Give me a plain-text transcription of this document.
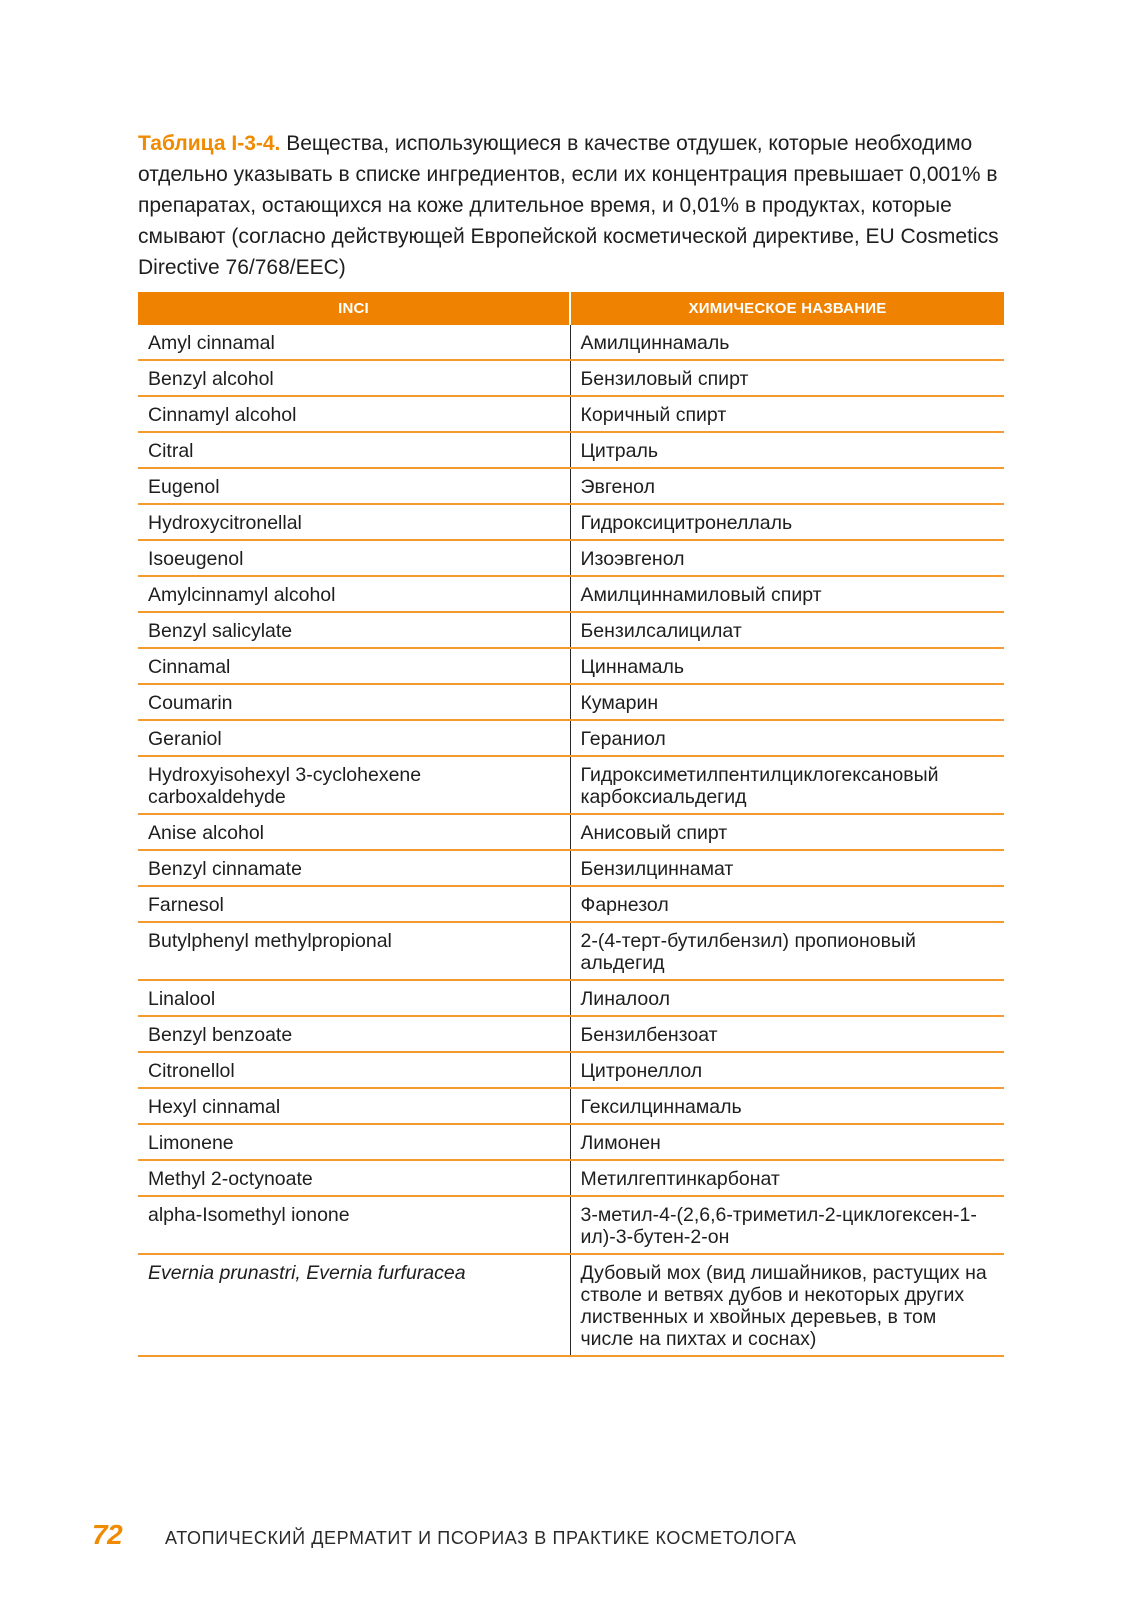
Таблица I-3-4. Вещества, использующиеся в качестве отдушек, которые необходимо отдельно указывать в списке ингредиентов, если их концентрация превышает 0,001% в препаратах, остающихся на коже длительное время, и 0,01% в продуктах, которые смывают (согласно действующей Европейской косметической директиве, EU Cosmetics Directive 76/768/EEC)
INCI	ХИМИЧЕСКОЕ НАЗВАНИЕ
Amyl cinnamal	Амилциннамаль
Benzyl alcohol	Бензиловый спирт
Cinnamyl alcohol	Коричный спирт
Citral	Цитраль
Eugenol	Эвгенол
Hydroxycitronellal	Гидроксицитронеллаль
Isoeugenol	Изоэвгенол
Amylcinnamyl alcohol	Амилциннамиловый спирт
Benzyl salicylate	Бензилсалицилат
Cinnamal	Циннамаль
Coumarin	Кумарин
Geraniol	Гераниол
Hydroxyisohexyl 3-cyclohexene carboxaldehyde	Гидроксиметилпентилциклогексановый карбоксиальдегид
Anise alcohol	Анисовый спирт
Benzyl cinnamate	Бензилциннамат
Farnesol	Фарнезол
Butylphenyl methylpropional	2-(4-терт-бутилбензил) пропионовый альдегид
Linalool	Линалоол
Benzyl benzoate	Бензилбензоат
Citronellol	Цитронеллол
Hexyl cinnamal	Гексилциннамаль
Limonene	Лимонен
Methyl 2-octynoate	Метилгептинкарбонат
alpha-Isomethyl ionone	3-метил-4-(2,6,6-триметил-2-циклогексен-1-ил)-3-бутен-2-он
Evernia prunastri, Evernia furfuracea	Дубовый мох (вид лишайников, растущих на стволе и ветвях дубов и некоторых других лиственных и хвойных деревьев, в том числе на пихтах и соснах)
72 АТОПИЧЕСКИЙ ДЕРМАТИТ И ПСОРИАЗ В ПРАКТИКЕ КОСМЕТОЛОГА
